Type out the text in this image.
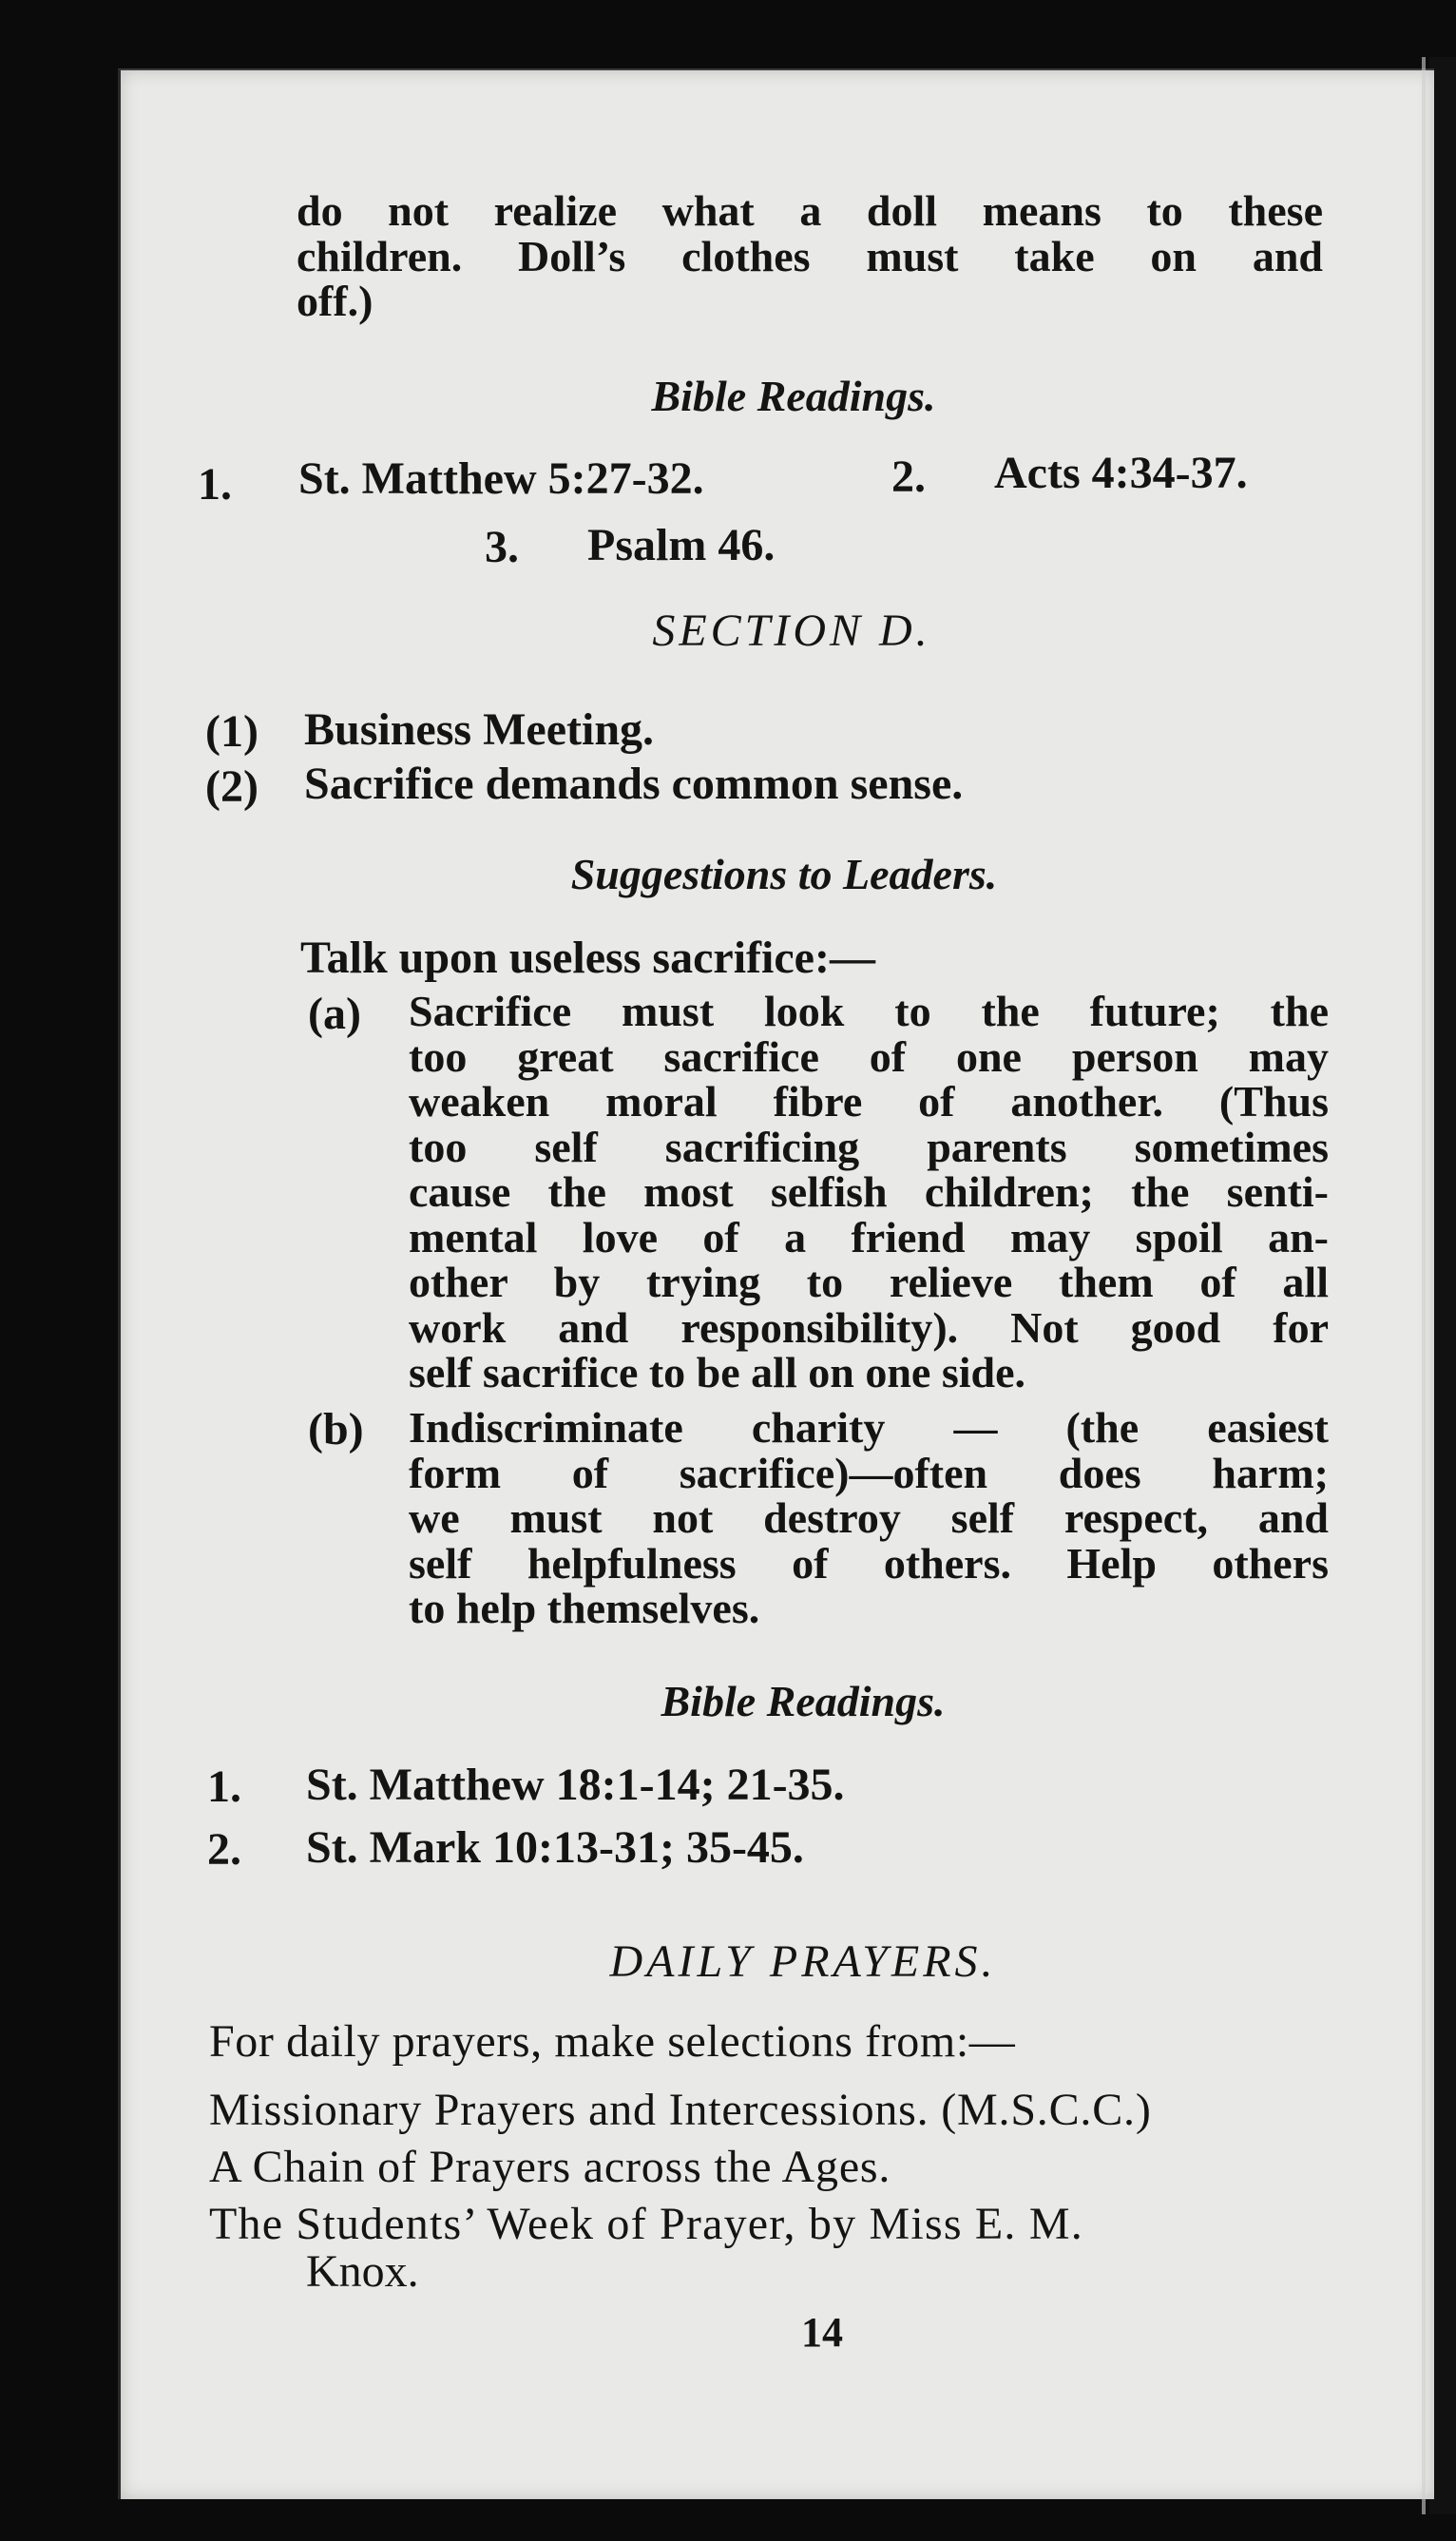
do not realize what a doll means to these
children. Doll’s clothes must take on and
off.)
Bible Readings.
1. St. Matthew 5:27-32.	2. Acts 4:34-37.
3. Psalm 46.
SECTION D.
(1) Business Meeting.
(2) Sacrifice demands common sense.
Suggestions to Leaders.
Talk upon useless sacrifice:—
(a) Sacrifice must look to the future; the
too great sacrifice of one person may
weaken moral fibre of another. (Thus
too self sacrificing parents sometimes
cause the most selfish children; the senti-
mental love of a friend may spoil an-
other by trying to relieve them of all
work and responsibility). Not good for
self sacrifice to be all on one side.
(b) Indiscriminate charity — (the easiest
form of sacrifice)—often does harm;
we must not destroy self respect, and
self helpfulness of others. Help others
to help themselves.
Bible Readings.
1. St. Matthew 18:1-14; 21-35.
2. St. Mark 10:13-31; 35-45.
DAILY PRAYERS.
For daily prayers, make selections from:—
Missionary Prayers and Intercessions. (M.S.C.C.)
A Chain of Prayers across the Ages.
The Students’ Week of Prayer, by Miss E. M.
Knox.
14
